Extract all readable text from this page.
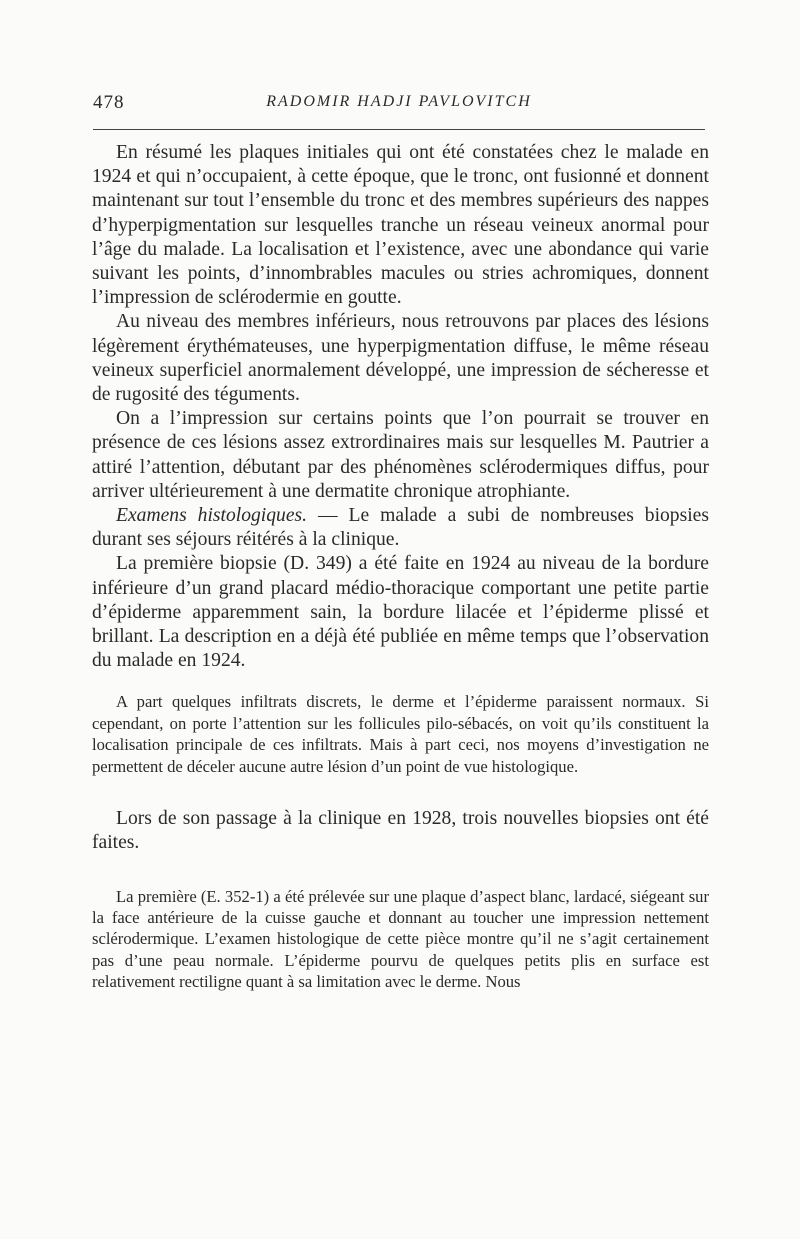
478	RADOMIR HADJI PAVLOVITCH

En résumé les plaques initiales qui ont été constatées chez le malade en 1924 et qui n’occupaient, à cette époque, que le tronc, ont fusionné et donnent maintenant sur tout l’ensemble du tronc et des membres supérieurs des nappes d’hyperpigmentation sur lesquelles tranche un réseau veineux anormal pour l’âge du malade. La localisation et l’existence, avec une abondance qui varie suivant les points, d’innombrables macules ou stries achromiques, donnent l’impression de sclérodermie en goutte.

Au niveau des membres inférieurs, nous retrouvons par places des lésions légèrement érythémateuses, une hyperpigmentation diffuse, le même réseau veineux superficiel anormalement développé, une impression de sécheresse et de rugosité des téguments.

On a l’impression sur certains points que l’on pourrait se trouver en présence de ces lésions assez extrordinaires mais sur lesquelles M. Pautrier a attiré l’attention, débutant par des phénomènes sclérodermiques diffus, pour arriver ultérieurement à une dermatite chronique atrophiante.

Examens histologiques. — Le malade a subi de nombreuses biopsies durant ses séjours réitérés à la clinique.

La première biopsie (D. 349) a été faite en 1924 au niveau de la bordure inférieure d’un grand placard médio-thoracique comportant une petite partie d’épiderme apparemment sain, la bordure lilacée et l’épiderme plissé et brillant. La description en a déjà été publiée en même temps que l’observation du malade en 1924.

A part quelques infiltrats discrets, le derme et l’épiderme paraissent normaux. Si cependant, on porte l’attention sur les follicules pilo-sébacés, on voit qu’ils constituent la localisation principale de ces infiltrats. Mais à part ceci, nos moyens d’investigation ne permettent de déceler aucune autre lésion d’un point de vue histologique.

Lors de son passage à la clinique en 1928, trois nouvelles biopsies ont été faites.

La première (E. 352-1) a été prélevée sur une plaque d’aspect blanc, lardacé, siégeant sur la face antérieure de la cuisse gauche et donnant au toucher une impression nettement sclérodermique. L’examen histologique de cette pièce montre qu’il ne s’agit certainement pas d’une peau normale. L’épiderme pourvu de quelques petits plis en surface est relativement rectiligne quant à sa limitation avec le derme. Nous
